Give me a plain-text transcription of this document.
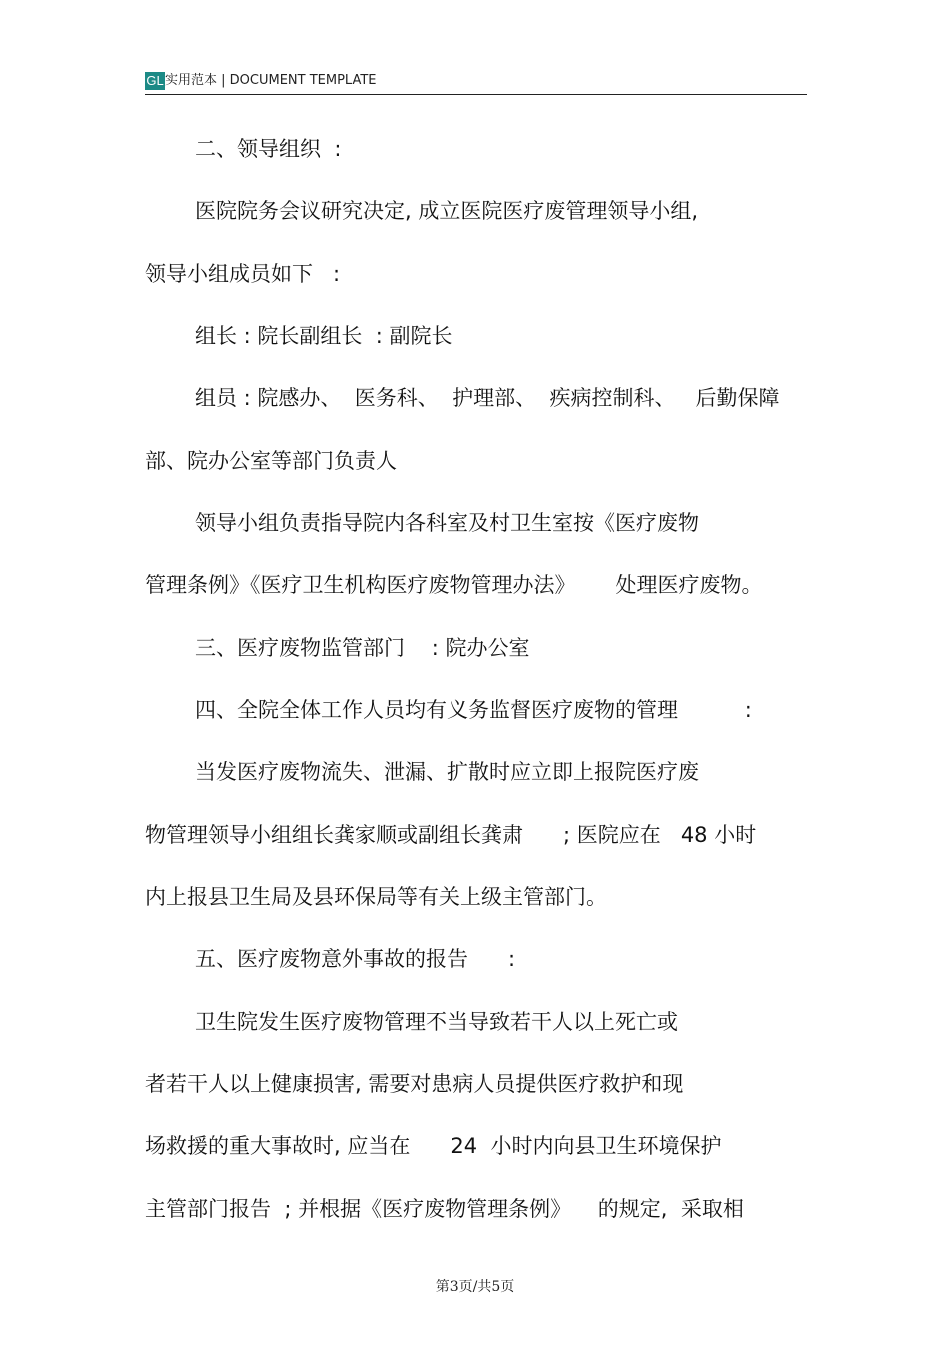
GL 实用范本 | DOCUMENT TEMPLATE
二、领导组织  :
医院院务会议研究决定, 成立医院医疗废管理领导小组,
领导小组成员如下   :
组长 : 院长副组长  : 副院长
组员 : 院感办、  医务科、  护理部、  疾病控制科、   后勤保障
部、院办公室等部门负责人
领导小组负责指导院内各科室及村卫生室按《医疗废物
管理条例》《医疗卫生机构医疗废物管理办法》      处理医疗废物。
三、医疗废物监管部门    : 院办公室
四、全院全体工作人员均有义务监督医疗废物的管理          :
当发医疗废物流失、泄漏、扩散时应立即上报院医疗废
物管理领导小组组长龚家顺或副组长龚肃      ; 医院应在   48 小时
内上报县卫生局及县环保局等有关上级主管部门。
五、医疗废物意外事故的报告      :
卫生院发生医疗废物管理不当导致若干人以上死亡或
者若干人以上健康损害, 需要对患病人员提供医疗救护和现
场救援的重大事故时, 应当在      24  小时内向县卫生环境保护
主管部门报告  ; 并根据《医疗废物管理条例》    的规定,  采取相
第3页/共5页
